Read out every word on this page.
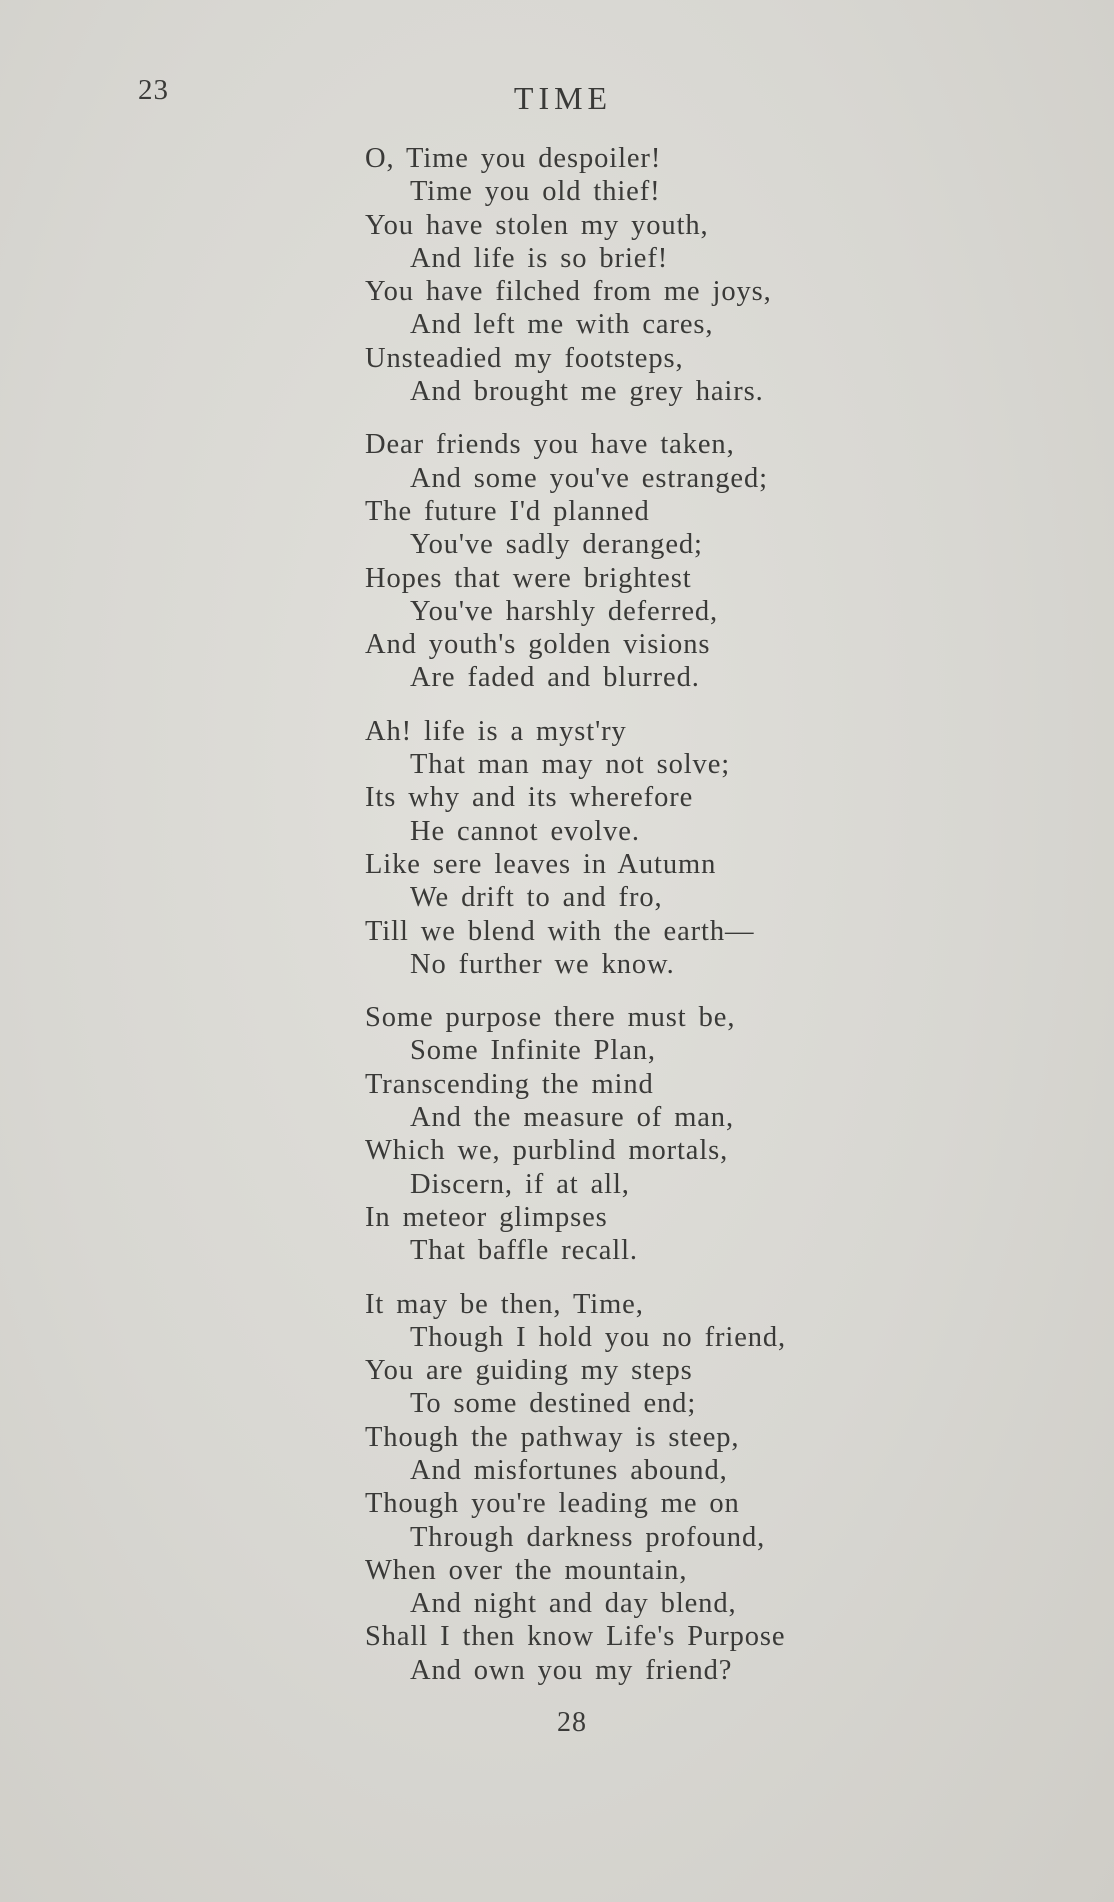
23	TIME
O, Time you despoiler!
Time you old thief!
You have stolen my youth,
And life is so brief!
You have filched from me joys,
And left me with cares,
Unsteadied my footsteps,
And brought me grey hairs.
Dear friends you have taken,
And some you've estranged;
The future I'd planned
You've sadly deranged;
Hopes that were brightest
You've harshly deferred,
And youth's golden visions
Are faded and blurred.
Ah! life is a myst'ry
That man may not solve;
Its why and its wherefore
He cannot evolve.
Like sere leaves in Autumn
We drift to and fro,
Till we blend with the earth—
No further we know.
Some purpose there must be,
Some Infinite Plan,
Transcending the mind
And the measure of man,
Which we, purblind mortals,
Discern, if at all,
In meteor glimpses
That baffle recall.
It may be then, Time,
Though I hold you no friend,
You are guiding my steps
To some destined end;
Though the pathway is steep,
And misfortunes abound,
Though you're leading me on
Through darkness profound,
When over the mountain,
And night and day blend,
Shall I then know Life's Purpose
And own you my friend?
28
